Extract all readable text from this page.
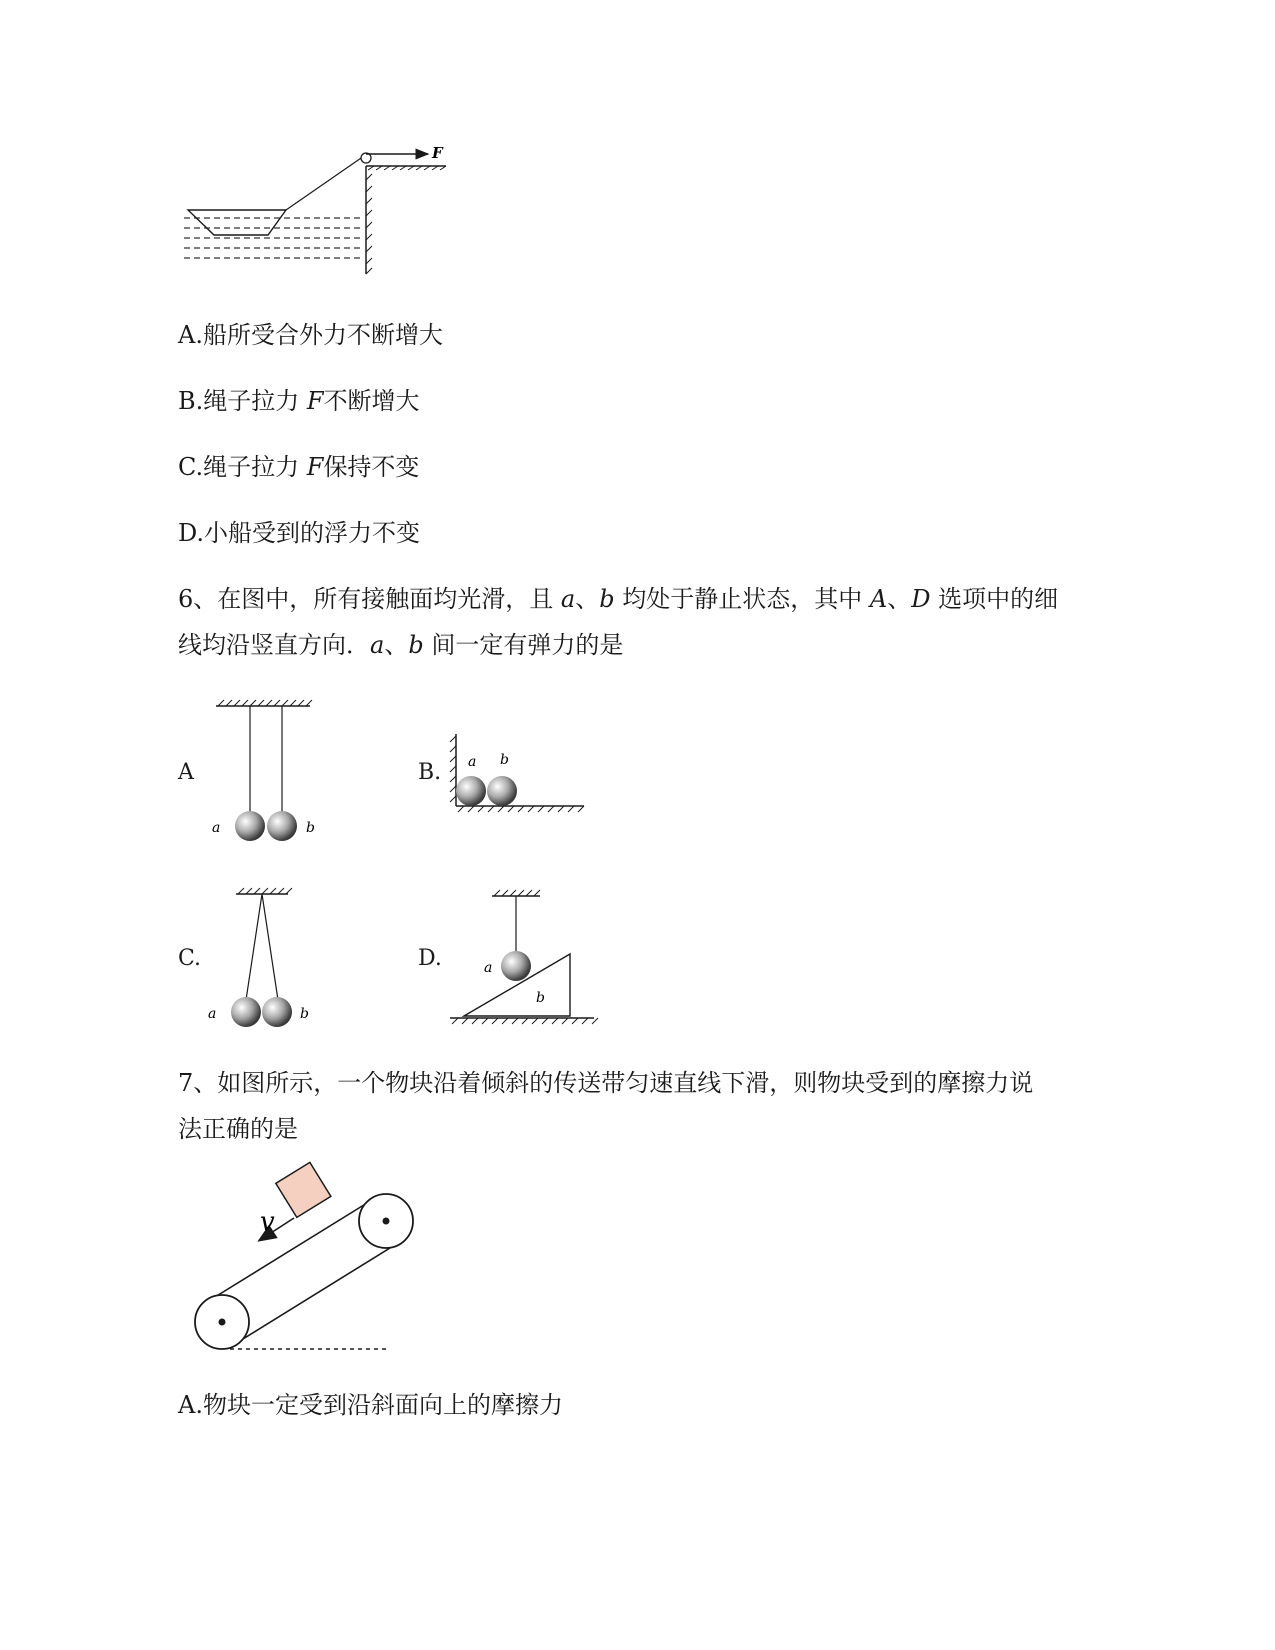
F
A.船所受合外力不断增大
B.绳子拉力 F不断增大
C.绳子拉力 F保持不变
D.小船受到的浮力不变
6、在图中，所有接触面均光滑，且 a、b 均处于静止状态，其中 A、D 选项中的细
线均沿竖直方向．a、b 间一定有弹力的是
A	B.
C.	D.
a	b
a b
a	b
a
b
7、如图所示，一个物块沿着倾斜的传送带匀速直线下滑，则物块受到的摩擦力说
法正确的是
v
A.物块一定受到沿斜面向上的摩擦力
